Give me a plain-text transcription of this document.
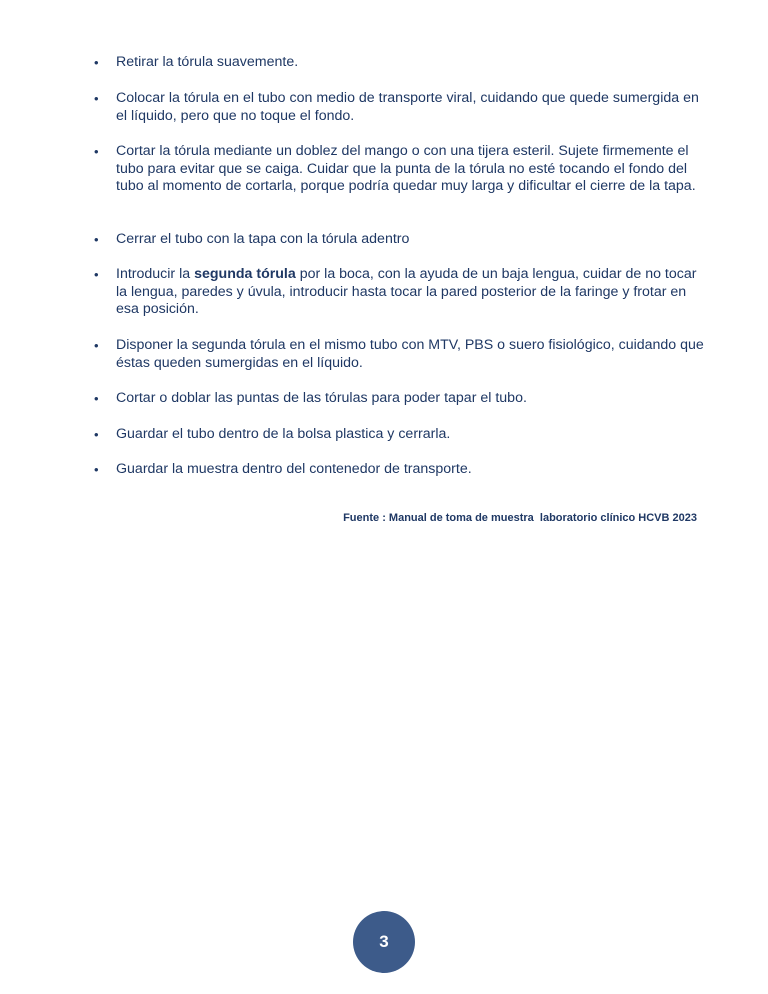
• Retirar la tórula suavemente.
• Colocar la tórula en el tubo con medio de transporte viral, cuidando que quede sumergida en el líquido, pero que no toque el fondo.
• Cortar la tórula mediante un doblez del mango o con una tijera esteril. Sujete firmemente el tubo para evitar que se caiga. Cuidar que la punta de la tórula no esté tocando el fondo del tubo al momento de cortarla, porque podría quedar muy larga y dificultar el cierre de la tapa.
• Cerrar el tubo con la tapa con la tórula adentro
• Introducir la segunda tórula por la boca, con la ayuda de un baja lengua, cuidar de no tocar la lengua, paredes y úvula, introducir hasta tocar la pared posterior de la faringe y frotar en esa posición.
• Disponer la segunda tórula en el mismo tubo con MTV, PBS o suero fisiológico, cuidando que éstas queden sumergidas en el líquido.
• Cortar o doblar las puntas de las tórulas para poder tapar el tubo.
• Guardar el tubo dentro de la bolsa plastica y cerrarla.
• Guardar la muestra dentro del contenedor de transporte.
Fuente : Manual de toma de muestra  laboratorio clínico HCVB 2023
3
